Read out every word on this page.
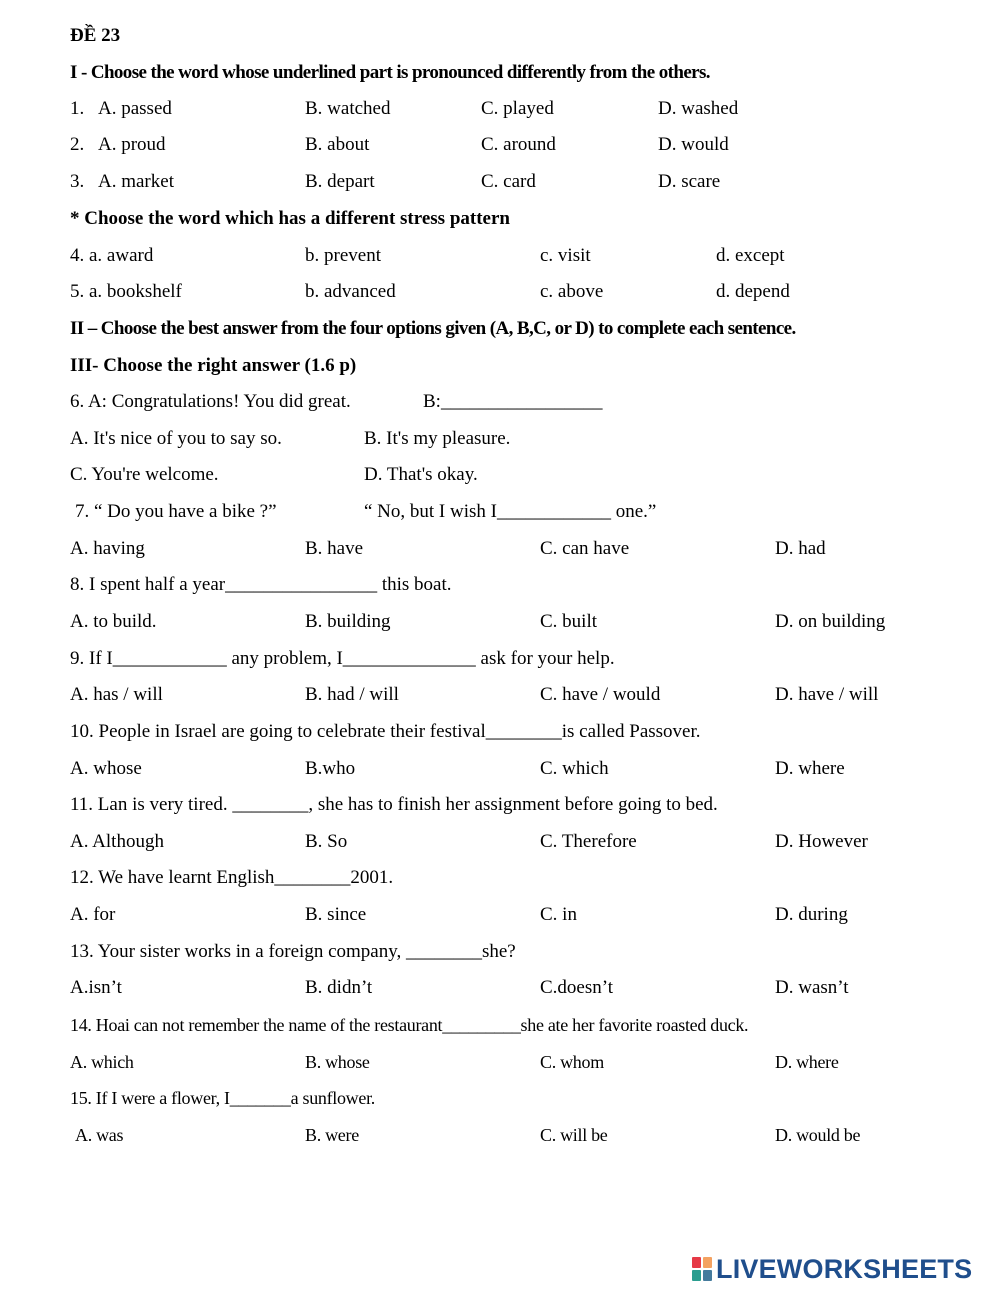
ĐỀ 23
I - Choose the word whose underlined part is pronounced differently from the others.
1. A. passed	B. watched	C. played	D. washed
2. A. proud	B. about	C. around	D. would
3. A. market	B. depart	C. card	D. scare
* Choose the word which has a different stress pattern
4. a. award	b. prevent	c. visit	d. except
5. a. bookshelf	b. advanced	c. above	d. depend
II – Choose the best answer from the four options given (A, B,C, or D) to complete each sentence.
III- Choose the right answer (1.6 p)
6. A: Congratulations! You did great.	B:_________________
A. It's nice of you to say so.	B. It's my pleasure.
C. You're welcome.	D. That's okay.
7. “ Do you have a bike ?”	“ No, but I wish I____________ one.”
A. having	B. have	C. can have	D. had
8. I spent half a year________________ this boat.
A. to build.	B. building	C. built	D. on building
9. If I____________ any problem, I______________ ask for your help.
A. has / will	B. had / will	C. have / would	D. have / will
10. People in Israel are going to celebrate their festival________is called Passover.
A. whose	B.who	C. which	D. where
11. Lan is very tired. ________, she has to finish her assignment before going to bed.
A. Although	B. So	C. Therefore	D. However
12. We have learnt English________2001.
A. for	B. since	C. in	D. during
13. Your sister works in a foreign company, ________she?
A.isn’t	B. didn’t	C.doesn’t	D. wasn’t
14. Hoai can not remember the name of the restaurant_________she ate her favorite roasted duck.
A. which	B. whose	C. whom	D. where
15. If I were a flower, I_______a sunflower.
A. was	B. were	C. will be	D. would be
LIVEWORKSHEETS
